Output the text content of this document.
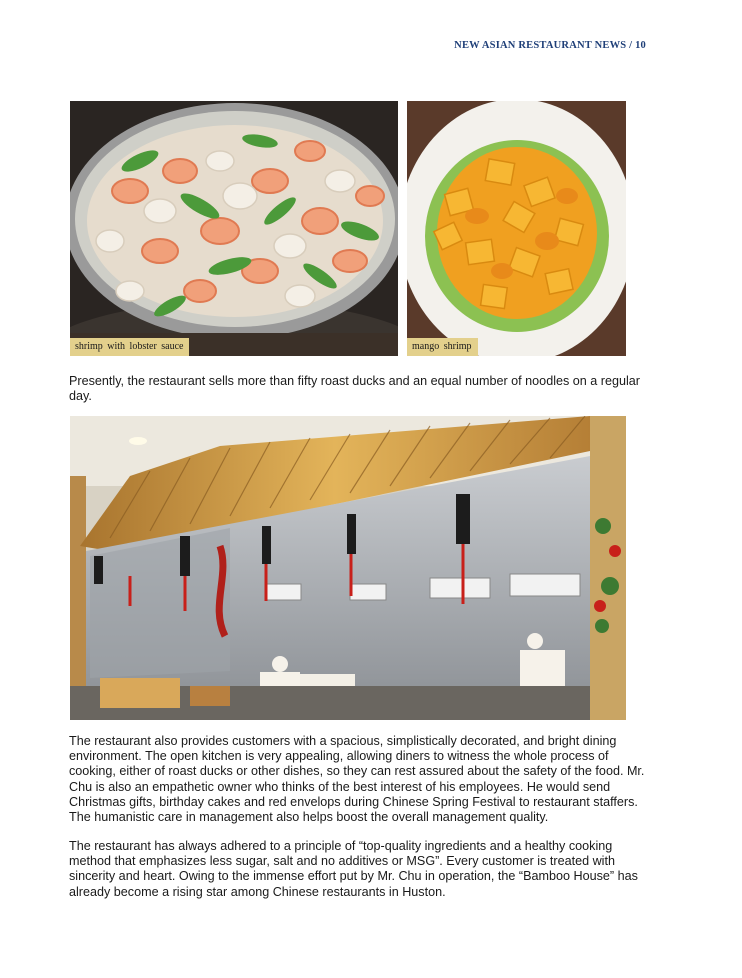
NEW ASIAN RESTAURANT NEWS / 10
shrimp with lobster sauce	mango shrimp

Presently, the restaurant sells more than fifty roast ducks and an equal number of noodles on a regular day.

The restaurant also provides customers with a spacious, simplistically decorated, and bright dining environment. The open kitchen is very appealing, allowing diners to witness the whole process of cooking, either of roast ducks or other dishes, so they can rest assured about the safety of the food. Mr. Chu is also an empathetic owner who thinks of the best interest of his employees. He would send Christmas gifts, birthday cakes and red envelops during Chinese Spring Festival to restaurant staffers. The humanistic care in management also helps boost the overall management quality.

The restaurant has always adhered to a principle of “top-quality ingredients and a healthy cooking method that emphasizes less sugar, salt and no additives or MSG”. Every customer is treated with sincerity and heart. Owing to the immense effort put by Mr. Chu in operation, the “Bamboo House” has already become a rising star among Chinese restaurants in Huston.
